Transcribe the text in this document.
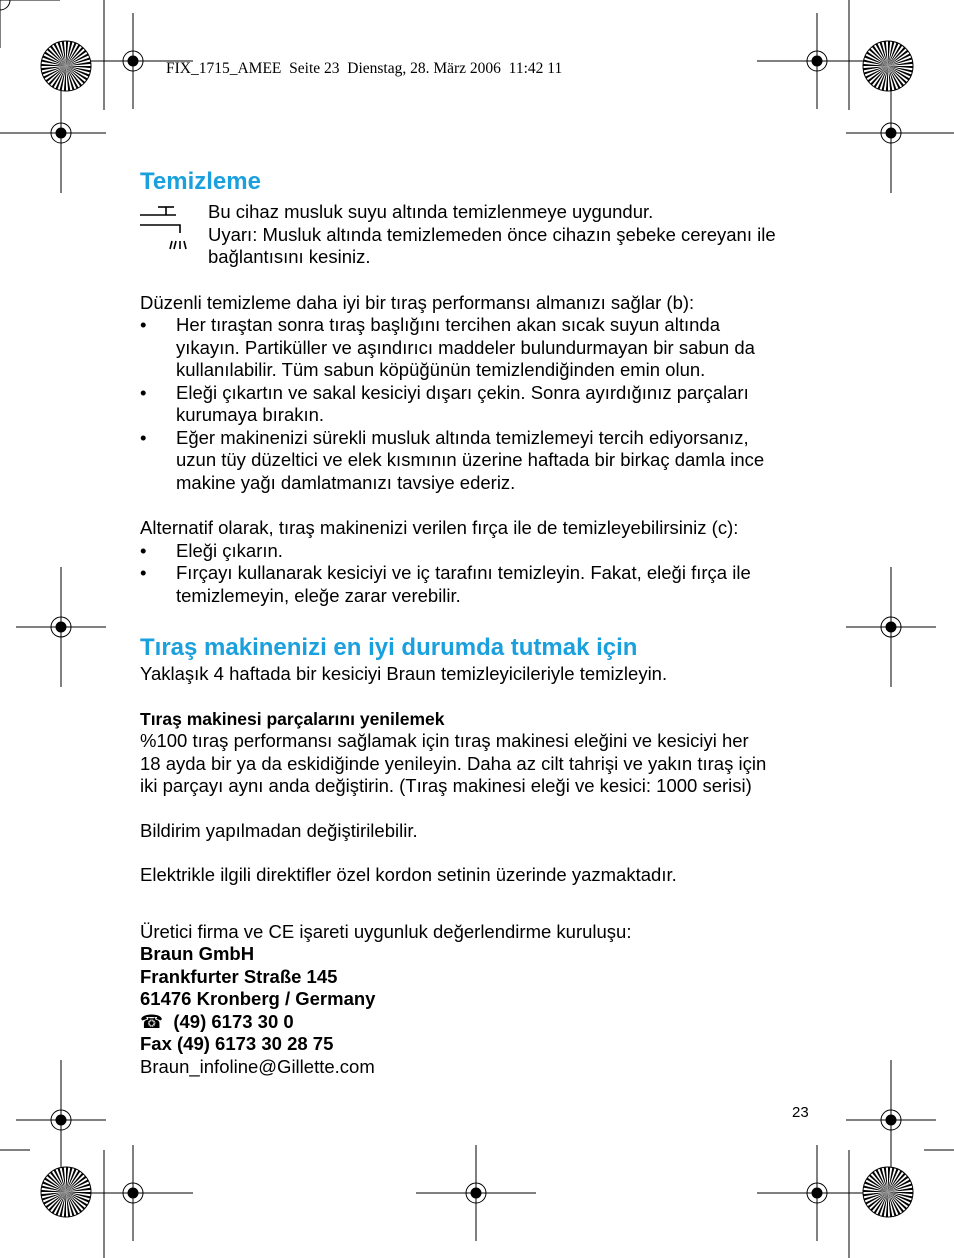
FIX_1715_AMEE  Seite 23  Dienstag, 28. März 2006  11:42 11
Temizleme

Bu cihaz musluk suyu altında temizlenmeye uygundur.

Uyarı: Musluk altında temizlemeden önce cihazın şebeke cereyanı ile

bağlantısını kesiniz.

Düzenli temizleme daha iyi bir tıraş performansı almanızı sağlar (b):

• Her tıraştan sonra tıraş başlığını tercihen akan sıcak suyun altında

yıkayın. Partiküller ve aşındırıcı maddeler bulundurmayan bir sabun da

kullanılabilir. Tüm sabun köpüğünün temizlendiğinden emin olun.

• Eleği çıkartın ve sakal kesiciyi dışarı çekin. Sonra ayırdığınız parçaları

kurumaya bırakın.

• Eğer makinenizi sürekli musluk altında temizlemeyi tercih ediyorsanız,

uzun tüy düzeltici ve elek kısmının üzerine haftada bir birkaç damla ince

makine yağı damlatmanızı tavsiye ederiz.

Alternatif olarak, tıraş makinenizi verilen fırça ile de temizleyebilirsiniz (c):

• Eleği çıkarın.

• Fırçayı kullanarak kesiciyi ve iç tarafını temizleyin. Fakat, eleği fırça ile

temizlemeyin, eleğe zarar verebilir.

Tıraş makinenizi en iyi durumda tutmak için

Yaklaşık 4 haftada bir kesiciyi Braun temizleyicileriyle temizleyin.

Tıraş makinesi parçalarını yenilemek

%100 tıraş performansı sağlamak için tıraş makinesi eleğini ve kesiciyi her

18 ayda bir ya da eskidiğinde yenileyin. Daha az cilt tahrişi ve yakın tıraş için

iki parçayı aynı anda değiştirin. (Tıraş makinesi eleği ve kesici: 1000 serisi)

Bildirim yapılmadan değiştirilebilir.

Elektrikle ilgili direktifler özel kordon setinin üzerinde yazmaktadır.

Üretici firma ve CE işareti uygunluk değerlendirme kuruluşu:

Braun GmbH

Frankfurter Straße 145

61476 Kronberg / Germany

☎ (49) 6173 30 0

Fax (49) 6173 30 28 75

Braun_infoline@Gillette.com

23
